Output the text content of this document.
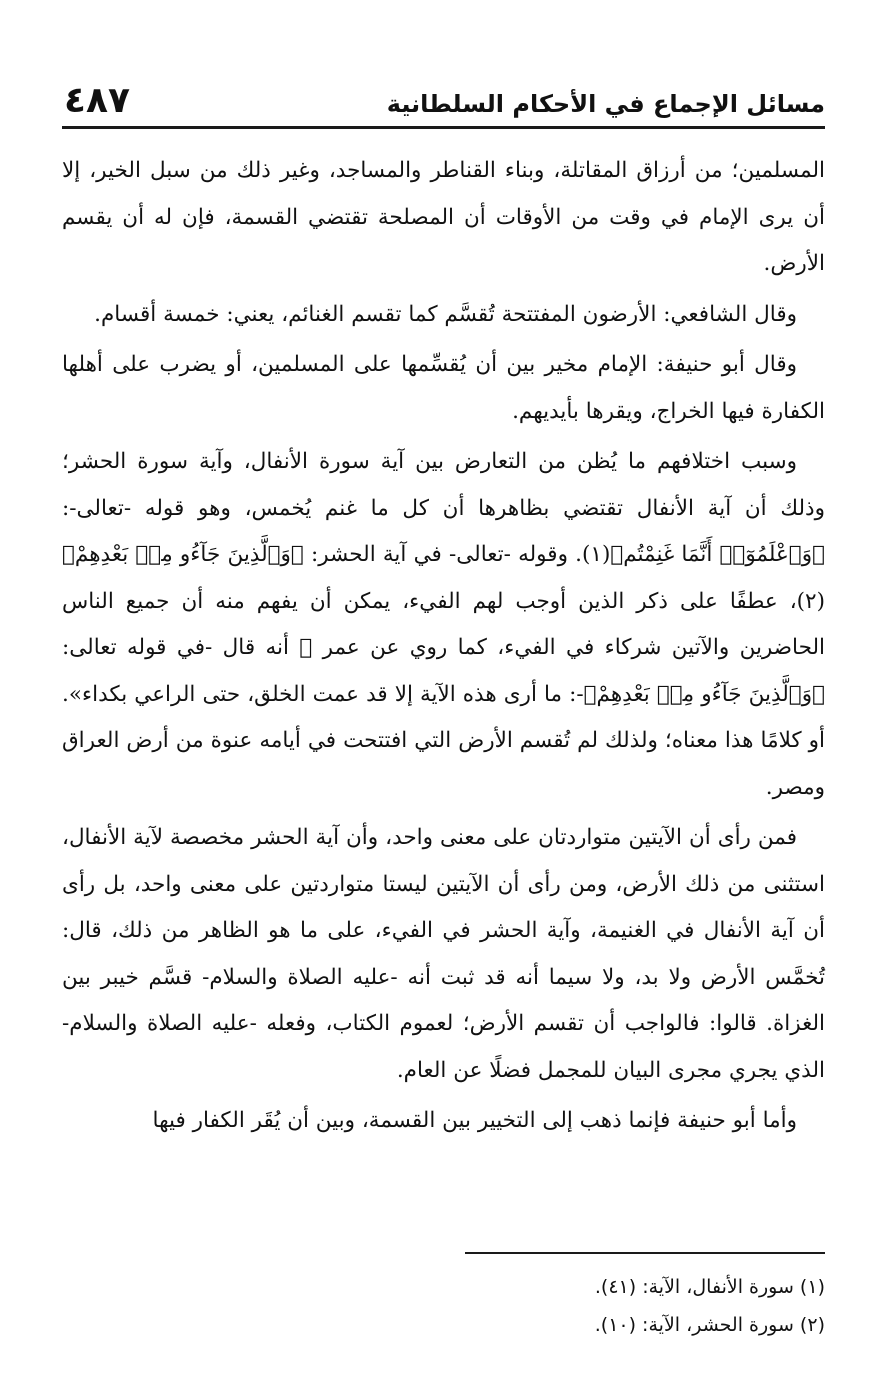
٤٨٧	مسائل الإجماع في الأحكام السلطانية

المسلمين؛ من أرزاق المقاتلة، وبناء القناطر والمساجد، وغير ذلك من سبل الخير، إلا أن يرى الإمام في وقت من الأوقات أن المصلحة تقتضي القسمة، فإن له أن يقسم الأرض.

وقال الشافعي: الأرضون المفتتحة تُقسَّم كما تقسم الغنائم، يعني: خمسة أقسام.

وقال أبو حنيفة: الإمام مخير بين أن يُقسِّمها على المسلمين، أو يضرب على أهلها الكفارة فيها الخراج، ويقرها بأيديهم.

وسبب اختلافهم ما يُظن من التعارض بين آية سورة الأنفال، وآية سورة الحشر؛ وذلك أن آية الأنفال تقتضي بظاهرها أن كل ما غنم يُخمس، وهو قوله -تعالى-: ﴿وَٱعْلَمُوٓا۟ أَنَّمَا غَنِمْتُم﴾(١). وقوله -تعالى- في آية الحشر: ﴿وَٱلَّذِينَ جَآءُو مِنۢ بَعْدِهِمْ﴾(٢)، عطفًا على ذكر الذين أوجب لهم الفيء، يمكن أن يفهم منه أن جميع الناس الحاضرين والآتين شركاء في الفيء، كما روي عن عمر ﷺ أنه قال -في قوله تعالى: ﴿وَٱلَّذِينَ جَآءُو مِنۢ بَعْدِهِمْ﴾-: ما أرى هذه الآية إلا قد عمت الخلق، حتى الراعي بكداء». أو كلامًا هذا معناه؛ ولذلك لم تُقسم الأرض التي افتتحت في أيامه عنوة من أرض العراق ومصر.

فمن رأى أن الآيتين متواردتان على معنى واحد، وأن آية الحشر مخصصة لآية الأنفال، استثنى من ذلك الأرض، ومن رأى أن الآيتين ليستا متواردتين على معنى واحد، بل رأى أن آية الأنفال في الغنيمة، وآية الحشر في الفيء، على ما هو الظاهر من ذلك، قال: تُخمَّس الأرض ولا بد، ولا سيما أنه قد ثبت أنه -عليه الصلاة والسلام- قسَّم خيبر بين الغزاة. قالوا: فالواجب أن تقسم الأرض؛ لعموم الكتاب، وفعله -عليه الصلاة والسلام- الذي يجري مجرى البيان للمجمل فضلًا عن العام.

وأما أبو حنيفة فإنما ذهب إلى التخيير بين القسمة، وبين أن يُقَر الكفار فيها

(١) سورة الأنفال، الآية: (٤١).
(٢) سورة الحشر، الآية: (١٠).
